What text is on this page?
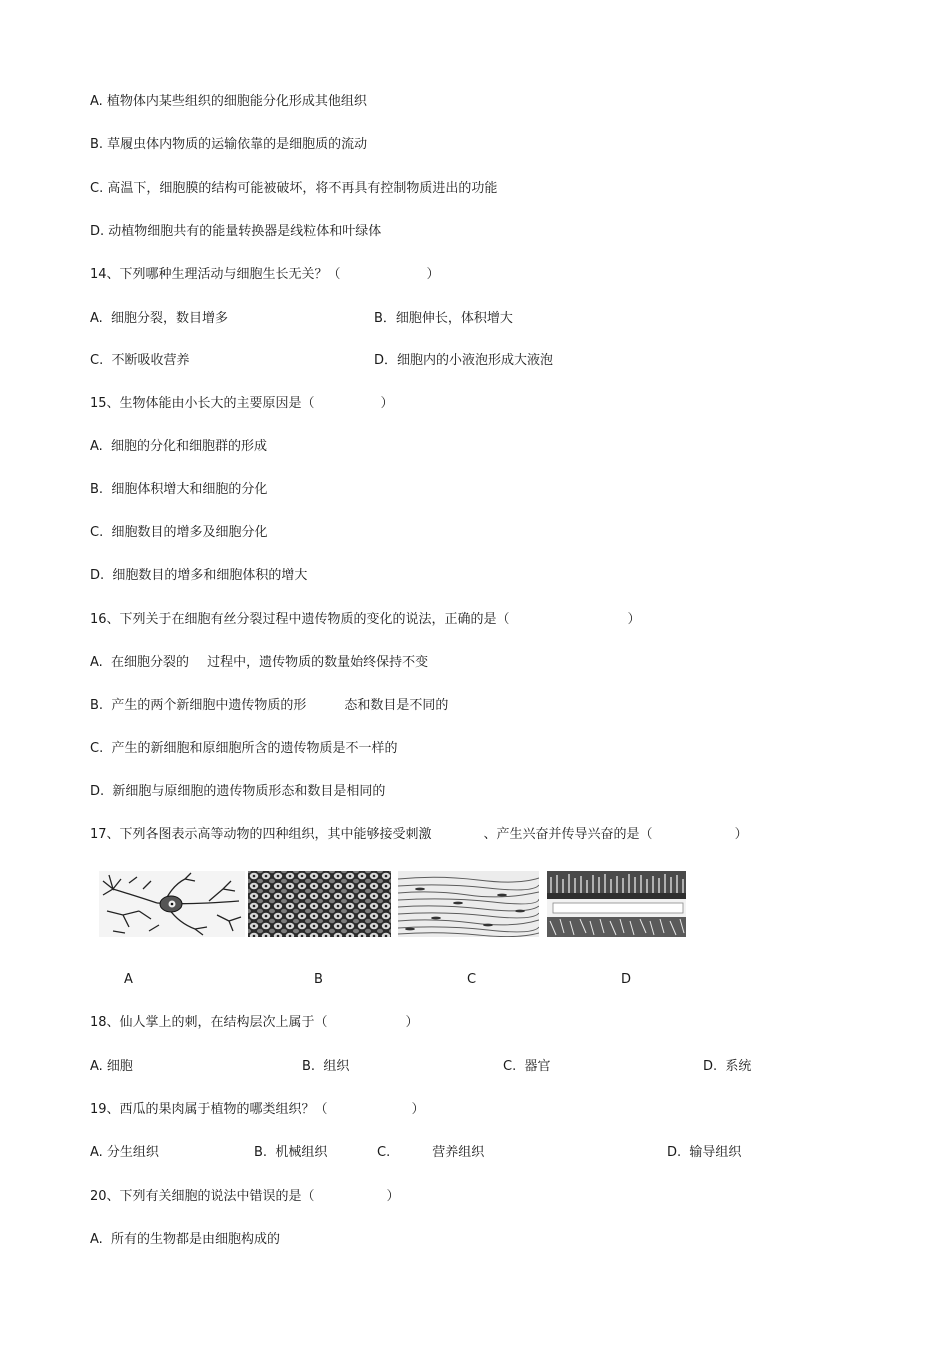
A. 植物体内某些组织的细胞能分化形成其他组织
B. 草履虫体内物质的运输依靠的是细胞质的流动
C. 高温下，细胞膜的结构可能被破坏，将不再具有控制物质进出的功能
D. 动植物细胞共有的能量转换器是线粒体和叶绿体
14、下列哪种生理活动与细胞生长无关？（	）
A.  细胞分裂，数目增多	B．细胞伸长，体积增大
C.  不断吸收营养	D．细胞内的小液泡形成大液泡
15、生物体能由小长大的主要原因是（	）
A.  细胞的分化和细胞群的形成
B.  细胞体积增大和细胞的分化
C.  细胞数目的增多及细胞分化
D.  细胞数目的增多和细胞体积的增大
16、下列关于在细胞有丝分裂过程中遗传物质的变化的说法，正确的是（	）
A.  在细胞分裂的 过程中，遗传物质的数量始终保持不变
B.  产生的两个新细胞中遗传物质的形	态和数目是不同的
C.  产生的新细胞和原细胞所含的遗传物质是不一样的
D.  新细胞与原细胞的遗传物质形态和数目是相同的
17、下列各图表示高等动物的四种组织，其中能够接受刺激	、产生兴奋并传导兴奋的是（	）
A	B	C	D
18、仙人掌上的刺，在结构层次上属于（	）
A. 细胞	B.  组织	C.  器官	D.  系统
19、西瓜的果肉属于植物的哪类组织？（	）
A. 分生组织	B.  机械组织	C.	营养组织	D.  输导组织
20、下列有关细胞的说法中错误的是（	）
A.  所有的生物都是由细胞构成的
